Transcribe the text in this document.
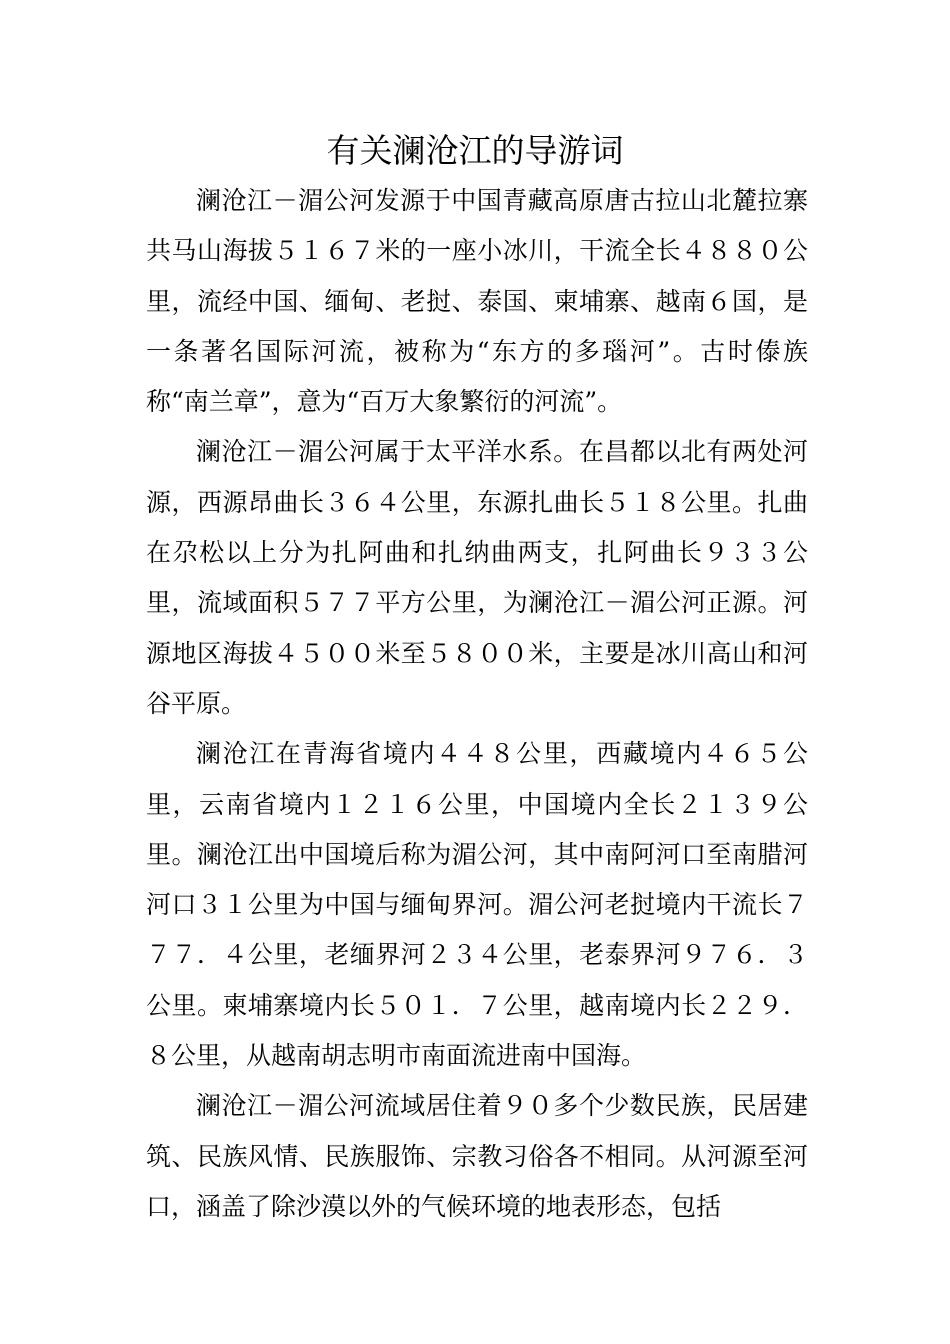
有关澜沧江的导游词

澜沧江－湄公河发源于中国青藏高原唐古拉山北麓拉寨共马山海拔５１６７米的一座小冰川，干流全长４８８０公里，流经中国、缅甸、老挝、泰国、柬埔寨、越南６国，是一条著名国际河流，被称为“东方的多瑙河”。古时傣族称“南兰章”，意为“百万大象繁衍的河流”。

澜沧江－湄公河属于太平洋水系。在昌都以北有两处河源，西源昂曲长３６４公里，东源扎曲长５１８公里。扎曲在尕松以上分为扎阿曲和扎纳曲两支，扎阿曲长９３３公里，流域面积５７７平方公里，为澜沧江－湄公河正源。河源地区海拔４５００米至５８００米，主要是冰川高山和河谷平原。

澜沧江在青海省境内４４８公里，西藏境内４６５公里，云南省境内１２１６公里，中国境内全长２１３９公里。澜沧江出中国境后称为湄公河，其中南阿河口至南腊河河口３１公里为中国与缅甸界河。湄公河老挝境内干流长７７７．４公里，老缅界河２３４公里，老泰界河９７６．３公里。柬埔寨境内长５０１．７公里，越南境内长２２９．８公里，从越南胡志明市南面流进南中国海。

澜沧江－湄公河流域居住着９０多个少数民族，民居建筑、民族风情、民族服饰、宗教习俗各不相同。从河源至河口，涵盖了除沙漠以外的气候环境的地表形态，包括
